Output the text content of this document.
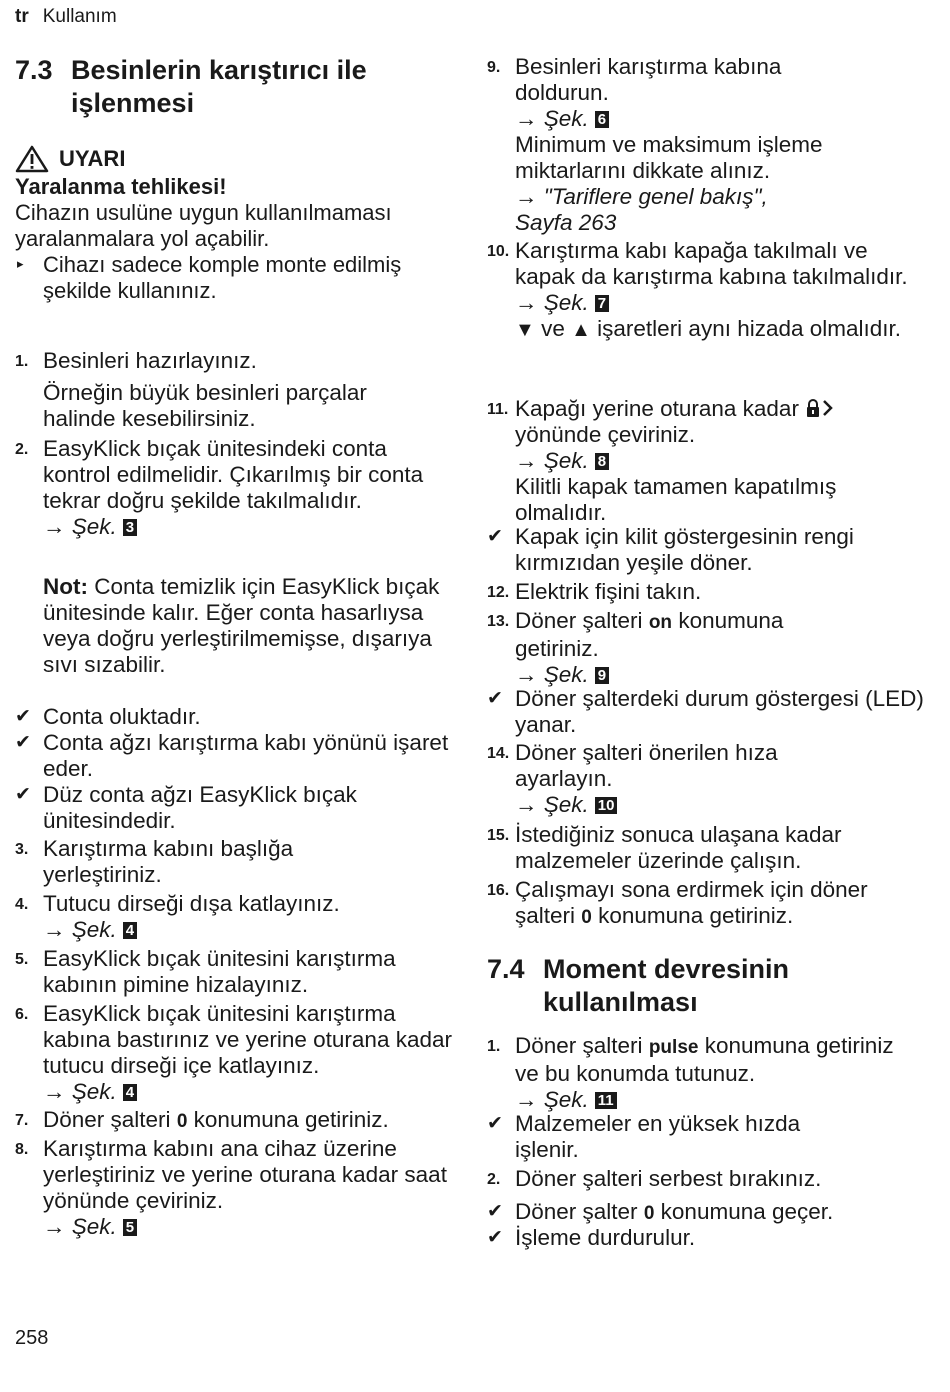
tr Kullanım
7.3 Besinlerin karıştırıcı ile işlenmesi
UYARI
Yaralanma tehlikesi!
Cihazın usulüne uygun kullanılmaması yaralanmalara yol açabilir.
▸ Cihazı sadece komple monte edilmiş şekilde kullanınız.
1. Besinleri hazırlayınız.
Örneğin büyük besinleri parçalar halinde kesebilirsiniz.
2. EasyKlick bıçak ünitesindeki conta kontrol edilmelidir. Çıkarılmış bir conta tekrar doğru şekilde takılmalıdır.
→ Şek. 3
Not: Conta temizlik için EasyKlick bıçak ünitesinde kalır. Eğer conta hasarlıysa veya doğru yerleştirilmemişse, dışarıya sıvı sızabilir.
✔ Conta oluktadır.
✔ Conta ağzı karıştırma kabı yönünü işaret eder.
✔ Düz conta ağzı EasyKlick bıçak ünitesindedir.
3. Karıştırma kabını başlığa yerleştiriniz.
4. Tutucu dirseği dışa katlayınız.
→ Şek. 4
5. EasyKlick bıçak ünitesini karıştırma kabının pimine hizalayınız.
6. EasyKlick bıçak ünitesini karıştırma kabına bastırınız ve yerine oturana kadar tutucu dirseği içe katlayınız.
→ Şek. 4
7. Döner şalteri 0 konumuna getiriniz.
8. Karıştırma kabını ana cihaz üzerine yerleştiriniz ve yerine oturana kadar saat yönünde çeviriniz.
→ Şek. 5
9. Besinleri karıştırma kabına doldurun.
→ Şek. 6
Minimum ve maksimum işleme miktarlarını dikkate alınız.
→ "Tariflere genel bakış",
Sayfa 263
10. Karıştırma kabı kapağa takılmalı ve kapak da karıştırma kabına takılmalıdır.
→ Şek. 7
▼ ve ▲ işaretleri aynı hizada olmalıdır.
11. Kapağı yerine oturana kadar
yönünde çeviriniz.
→ Şek. 8
Kilitli kapak tamamen kapatılmış olmalıdır.
✔ Kapak için kilit göstergesinin rengi kırmızıdan yeşile döner.
12. Elektrik fişini takın.
13. Döner şalteri on konumuna getiriniz.
→ Şek. 9
✔ Döner şalterdeki durum göstergesi (LED) yanar.
14. Döner şalteri önerilen hıza ayarlayın.
→ Şek. 10
15. İstediğiniz sonuca ulaşana kadar malzemeler üzerinde çalışın.
16. Çalışmayı sona erdirmek için döner şalteri 0 konumuna getiriniz.
7.4 Moment devresinin kullanılması
1. Döner şalteri pulse konumuna getiriniz ve bu konumda tutunuz.
→ Şek. 11
✔ Malzemeler en yüksek hızda işlenir.
2. Döner şalteri serbest bırakınız.
✔ Döner şalter 0 konumuna geçer.
✔ İşleme durdurulur.
258
